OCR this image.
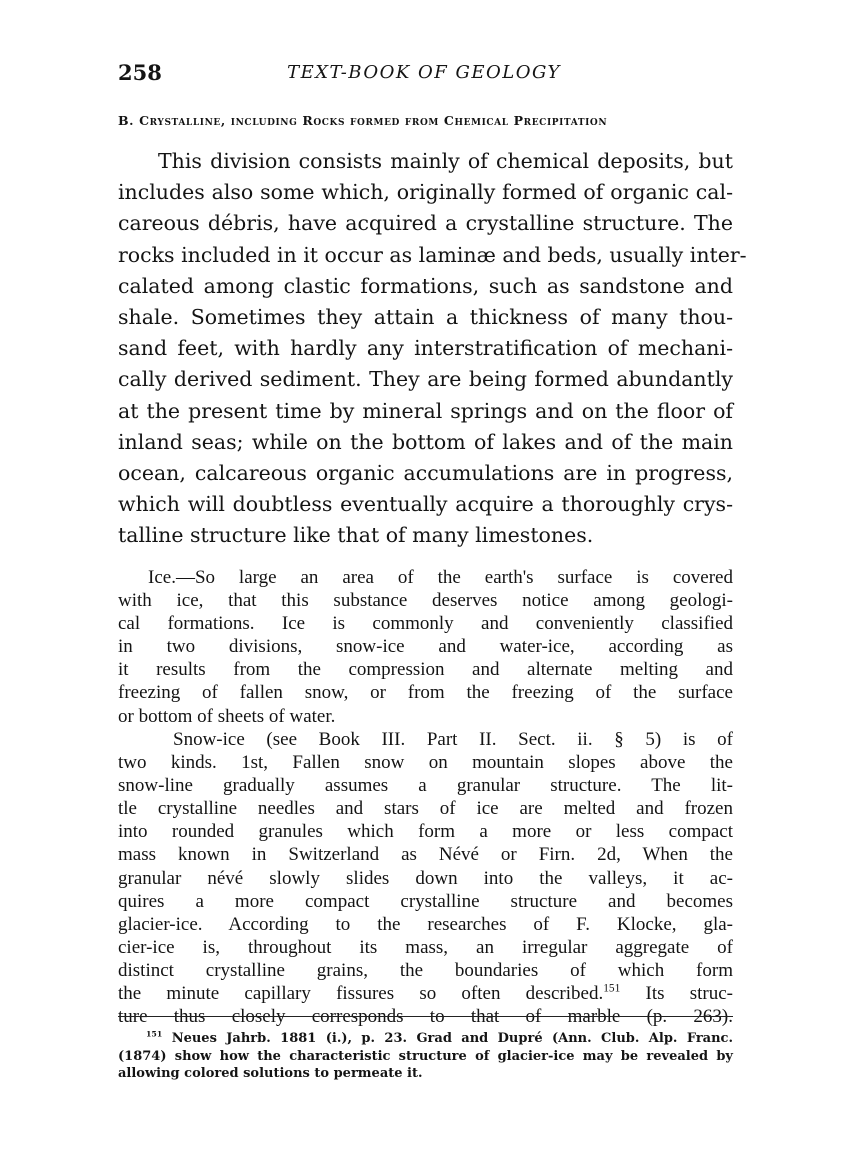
258	TEXT-BOOK OF GEOLOGY
B. Crystalline, including Rocks formed from Chemical Precipitation

This division consists mainly of chemical deposits, but
includes also some which, originally formed of organic cal-
careous débris, have acquired a crystalline structure. The
rocks included in it occur as laminæ and beds, usually inter-
calated among clastic formations, such as sandstone and
shale. Sometimes they attain a thickness of many thou-
sand feet, with hardly any interstratification of mechani-
cally derived sediment. They are being formed abundantly
at the present time by mineral springs and on the floor of
inland seas; while on the bottom of lakes and of the main
ocean, calcareous organic accumulations are in progress,
which will doubtless eventually acquire a thoroughly crys-
talline structure like that of many limestones.

Ice.—So large an area of the earth's surface is covered
with ice, that this substance deserves notice among geologi-
cal formations. Ice is commonly and conveniently classified
in two divisions, snow-ice and water-ice, according as
it results from the compression and alternate melting and
freezing of fallen snow, or from the freezing of the surface
or bottom of sheets of water.

Snow-ice (see Book III. Part II. Sect. ii. § 5) is of
two kinds. 1st, Fallen snow on mountain slopes above the
snow-line gradually assumes a granular structure. The lit-
tle crystalline needles and stars of ice are melted and frozen
into rounded granules which form a more or less compact
mass known in Switzerland as Névé or Firn. 2d, When the
granular névé slowly slides down into the valleys, it ac-
quires a more compact crystalline structure and becomes
glacier-ice. According to the researches of F. Klocke, gla-
cier-ice is, throughout its mass, an irregular aggregate of
distinct crystalline grains, the boundaries of which form
the minute capillary fissures so often described.$^{151}$ Its struc-
ture thus closely corresponds to that of marble (p. 263).

$^{151}$ Neues Jahrb. 1881 (i.), p. 23. Grad and Dupré (Ann. Club. Alp. Franc.
(1874) show how the characteristic structure of glacier-ice may be revealed by
allowing colored solutions to permeate it.
